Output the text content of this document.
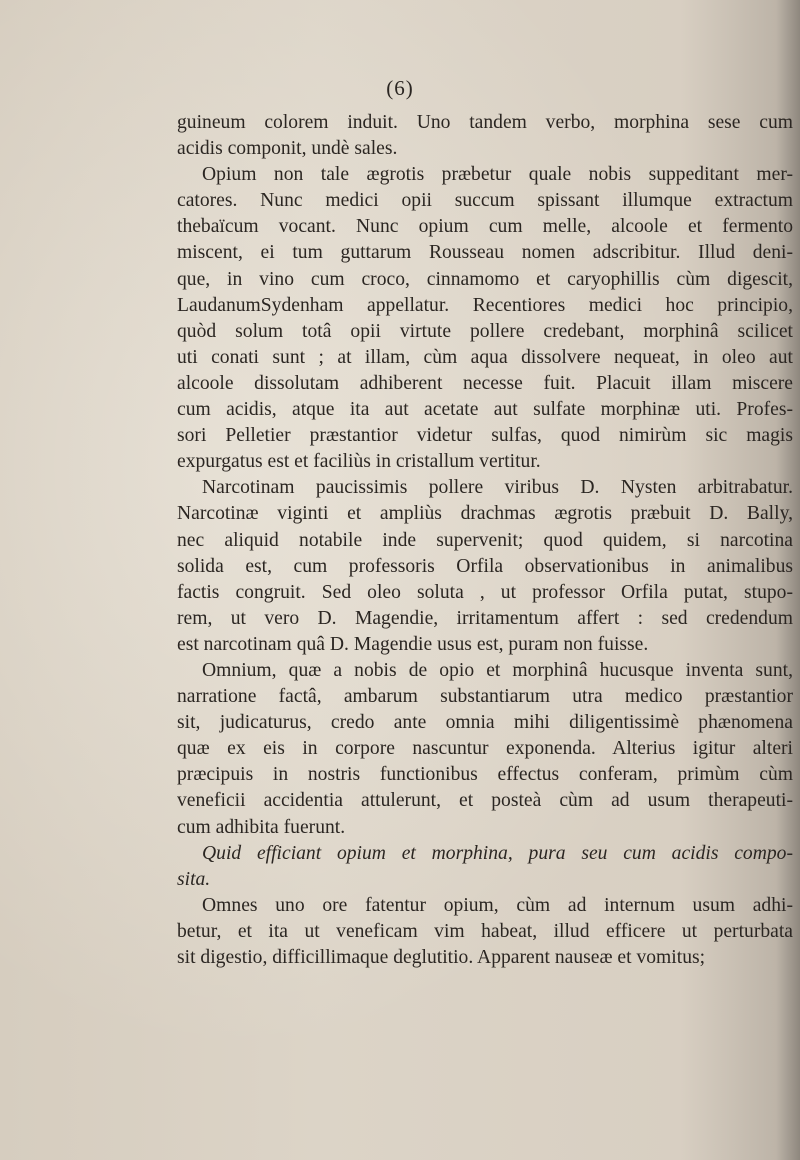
(6)
guineum colorem induit. Uno tandem verbo, morphina sese cum
acidis componit, undè sales.
Opium non tale ægrotis præbetur quale nobis suppeditant mer-
catores. Nunc medici opii succum spissant illumque extractum
thebaïcum vocant. Nunc opium cum melle, alcoole et fermento
miscent, ei tum guttarum Rousseau nomen adscribitur. Illud deni-
que, in vino cum croco, cinnamomo et caryophillis cùm digescit,
LaudanumSydenham appellatur. Recentiores medici hoc principio,
quòd solum totâ opii virtute pollere credebant, morphinâ scilicet
uti conati sunt ; at illam, cùm aqua dissolvere nequeat, in oleo aut
alcoole dissolutam adhiberent necesse fuit. Placuit illam miscere
cum acidis, atque ita aut acetate aut sulfate morphinæ uti. Profes-
sori Pelletier præstantior videtur sulfas, quod nimirùm sic magis
expurgatus est et faciliùs in cristallum vertitur.
Narcotinam paucissimis pollere viribus D. Nysten arbitrabatur.
Narcotinæ viginti et ampliùs drachmas ægrotis præbuit D. Bally,
nec aliquid notabile inde supervenit; quod quidem, si narcotina
solida est, cum professoris Orfila observationibus in animalibus
factis congruit. Sed oleo soluta , ut professor Orfila putat, stupo-
rem, ut vero D. Magendie, irritamentum affert : sed credendum
est narcotinam quâ D. Magendie usus est, puram non fuisse.
Omnium, quæ a nobis de opio et morphinâ hucusque inventa sunt,
narratione factâ, ambarum substantiarum utra medico præstantior
sit, judicaturus, credo ante omnia mihi diligentissimè phænomena
quæ ex eis in corpore nascuntur exponenda. Alterius igitur alteri
præcipuis in nostris functionibus effectus conferam, primùm cùm
veneficii accidentia attulerunt, et posteà cùm ad usum therapeuti-
cum adhibita fuerunt.
Quid efficiant opium et morphina, pura seu cum acidis compo-
sita.
Omnes uno ore fatentur opium, cùm ad internum usum adhi-
betur, et ita ut veneficam vim habeat, illud efficere ut perturbata
sit digestio, difficillimaque deglutitio. Apparent nauseæ et vomitus;
